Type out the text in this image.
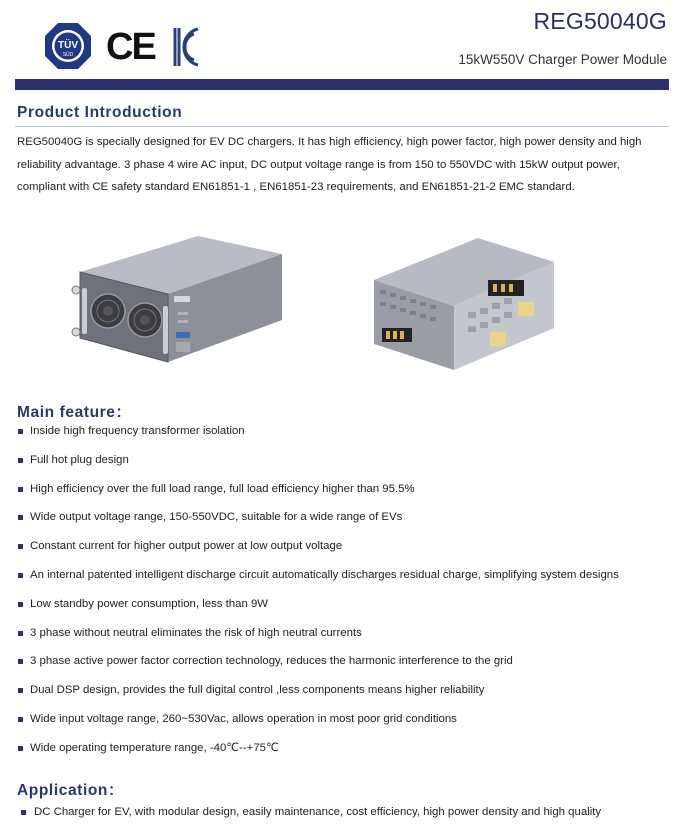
TÜV
SÜD CE
REG50040G
15kW550V Charger Power Module
Product Introduction
REG50040G is specially designed for EV DC chargers. It has high efficiency, high power factor, high power density and high reliability advantage. 3 phase 4 wire AC input, DC output voltage range is from 150 to 550VDC with 15kW output power, compliant with CE safety standard EN61851-1 , EN61851-23 requirements, and EN61851-21-2 EMC standard.
Main feature：
Inside high frequency transformer isolation
Full hot plug design
High efficiency over the full load range, full load efficiency higher than 95.5%
Wide output voltage range, 150-550VDC, suitable for a wide range of EVs
Constant current for higher output power at low output voltage
An internal patented intelligent discharge circuit automatically discharges residual charge, simplifying system designs
Low standby power consumption, less than 9W
3 phase without neutral eliminates the risk of high neutral currents
3 phase active power factor correction technology, reduces the harmonic interference to the grid
Dual DSP design, provides the full digital control ,less components means higher reliability
Wide input voltage range, 260~530Vac, allows operation in most poor grid conditions
Wide operating temperature range, -40℃--+75℃
Application：
DC Charger for EV, with modular design, easily maintenance, cost efficiency, high power density and high quality
